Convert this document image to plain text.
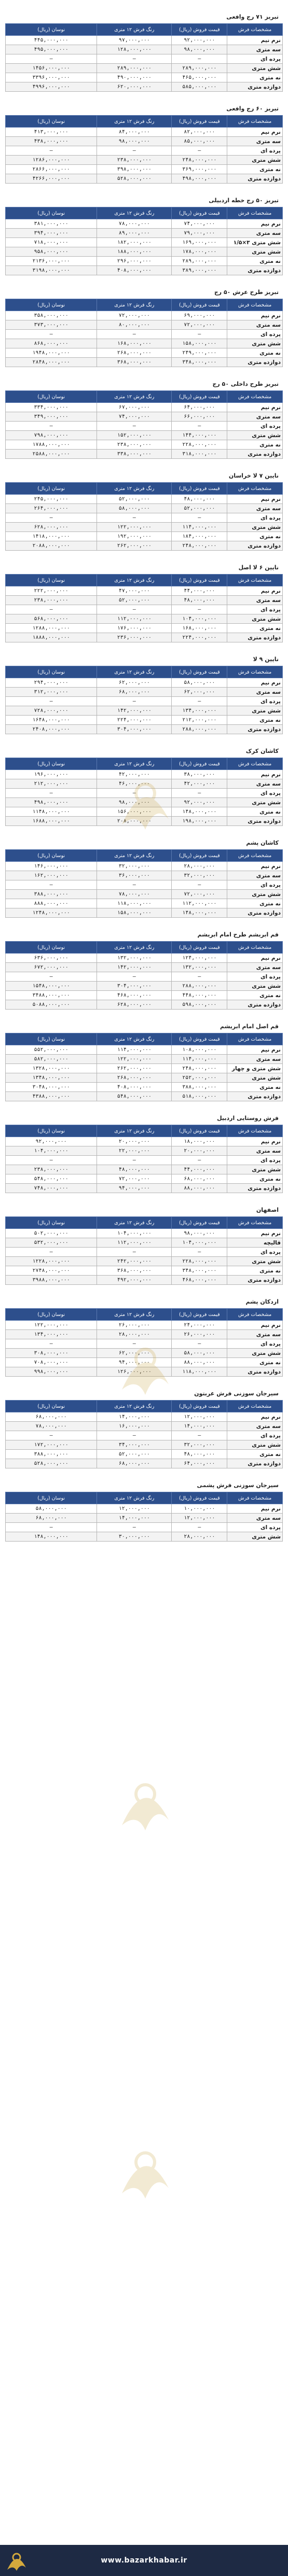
تبریز ۷۱ رج وافعی
مشخصات فرش	قیمت فروش (ریال)	رنگ فرش ۱۲ متری	نوسان (ریال)
نرم نیم	۹۲,۰۰۰,۰۰۰	۹۷,۰۰۰,۰۰۰	۴۴۵,۰۰۰,۰۰۰
سه متری	۹۸,۰۰۰,۰۰۰	۱۲۸,۰۰۰,۰۰۰	۴۹۵,۰۰۰,۰۰۰
پرده ای	—	—	—
شش متری	۲۸۹,۰۰۰,۰۰۰	۲۸۹,۰۰۰,۰۰۰	۱۴۵۶,۰۰۰,۰۰۰
نه متری	۴۶۵,۰۰۰,۰۰۰	۴۹۰,۰۰۰,۰۰۰	۳۳۹۶,۰۰۰,۰۰۰
دوازده متری	۵۸۵,۰۰۰,۰۰۰	۶۲۰,۰۰۰,۰۰۰	۴۹۹۶,۰۰۰,۰۰۰
تبریز ۶۰ رج وافعی
مشخصات فرش	قیمت فروش (ریال)	رنگ فرش ۱۲ متری	نوسان (ریال)
نرم نیم	۸۲,۰۰۰,۰۰۰	۸۴,۰۰۰,۰۰۰	۴۱۳,۰۰۰,۰۰۰
سه متری	۸۵,۰۰۰,۰۰۰	۹۸,۰۰۰,۰۰۰	۴۳۸,۰۰۰,۰۰۰
پرده ای	—	—	—
شش متری	۲۴۸,۰۰۰,۰۰۰	۲۳۸,۰۰۰,۰۰۰	۱۲۸۶,۰۰۰,۰۰۰
نه متری	۳۶۹,۰۰۰,۰۰۰	۳۹۸,۰۰۰,۰۰۰	۲۸۶۶,۰۰۰,۰۰۰
دوازده متری	۴۹۸,۰۰۰,۰۰۰	۵۲۸,۰۰۰,۰۰۰	۴۲۶۶,۰۰۰,۰۰۰
تبریز ۵۰ رج خطه اردبیلی
مشخصات فرش	قیمت فروش (ریال)	رنگ فرش ۱۲ متری	نوسان (ریال)
نرم نیم	۷۴,۰۰۰,۰۰۰	۷۸,۰۰۰,۰۰۰	۳۸۱,۰۰۰,۰۰۰
سه متری	۷۹,۰۰۰,۰۰۰	۸۹,۰۰۰,۰۰۰	۳۹۴,۰۰۰,۰۰۰
شش متری ۳×۱/۵	۱۶۹,۰۰۰,۰۰۰	۱۸۲,۰۰۰,۰۰۰	۷۱۸,۰۰۰,۰۰۰
شش متری	۱۷۸,۰۰۰,۰۰۰	۱۸۸,۰۰۰,۰۰۰	۹۵۸,۰۰۰,۰۰۰
نه متری	۲۸۹,۰۰۰,۰۰۰	۲۹۶,۰۰۰,۰۰۰	۲۱۳۶,۰۰۰,۰۰۰
دوازده متری	۳۸۹,۰۰۰,۰۰۰	۴۰۸,۰۰۰,۰۰۰	۳۱۹۸,۰۰۰,۰۰۰
تبریز طرح عرش ۵۰ رج
مشخصات فرش	قیمت فروش (ریال)	رنگ فرش ۱۲ متری	نوسان (ریال)
نرم نیم	۶۹,۰۰۰,۰۰۰	۷۲,۰۰۰,۰۰۰	۳۵۸,۰۰۰,۰۰۰
سه متری	۷۲,۰۰۰,۰۰۰	۸۰,۰۰۰,۰۰۰	۳۷۳,۰۰۰,۰۰۰
پرده ای	—	—	—
شش متری	۱۵۸,۰۰۰,۰۰۰	۱۶۸,۰۰۰,۰۰۰	۸۶۸,۰۰۰,۰۰۰
نه متری	۲۴۹,۰۰۰,۰۰۰	۲۶۸,۰۰۰,۰۰۰	۱۹۴۸,۰۰۰,۰۰۰
دوازده متری	۳۴۸,۰۰۰,۰۰۰	۳۶۸,۰۰۰,۰۰۰	۲۸۴۸,۰۰۰,۰۰۰
تبریز طرح داخلی ۵۰ رج
مشخصات فرش	قیمت فروش (ریال)	رنگ فرش ۱۲ متری	نوسان (ریال)
نرم نیم	۶۴,۰۰۰,۰۰۰	۶۷,۰۰۰,۰۰۰	۳۳۴,۰۰۰,۰۰۰
سه متری	۶۶,۰۰۰,۰۰۰	۷۴,۰۰۰,۰۰۰	۳۴۹,۰۰۰,۰۰۰
پرده ای	—	—	—
شش متری	۱۴۴,۰۰۰,۰۰۰	۱۵۲,۰۰۰,۰۰۰	۷۹۸,۰۰۰,۰۰۰
نه متری	۲۲۸,۰۰۰,۰۰۰	۲۳۸,۰۰۰,۰۰۰	۱۷۸۸,۰۰۰,۰۰۰
دوازده متری	۳۱۸,۰۰۰,۰۰۰	۳۳۸,۰۰۰,۰۰۰	۲۵۸۸,۰۰۰,۰۰۰
نایین ۷ لا خراسان
مشخصات فرش	قیمت فروش (ریال)	رنگ فرش ۱۲ متری	نوسان (ریال)
نرم نیم	۴۸,۰۰۰,۰۰۰	۵۲,۰۰۰,۰۰۰	۲۴۵,۰۰۰,۰۰۰
سه متری	۵۲,۰۰۰,۰۰۰	۵۸,۰۰۰,۰۰۰	۲۶۴,۰۰۰,۰۰۰
پرده ای	—	—	—
شش متری	۱۱۴,۰۰۰,۰۰۰	۱۲۲,۰۰۰,۰۰۰	۶۲۸,۰۰۰,۰۰۰
نه متری	۱۸۴,۰۰۰,۰۰۰	۱۹۲,۰۰۰,۰۰۰	۱۴۱۸,۰۰۰,۰۰۰
دوازده متری	۲۴۸,۰۰۰,۰۰۰	۲۶۲,۰۰۰,۰۰۰	۲۰۸۸,۰۰۰,۰۰۰
نایین ۶ لا اصل
مشخصات فرش	قیمت فروش (ریال)	رنگ فرش ۱۲ متری	نوسان (ریال)
نرم نیم	۴۴,۰۰۰,۰۰۰	۴۷,۰۰۰,۰۰۰	۲۲۲,۰۰۰,۰۰۰
سه متری	۴۸,۰۰۰,۰۰۰	۵۲,۰۰۰,۰۰۰	۲۳۸,۰۰۰,۰۰۰
پرده ای	—	—	—
شش متری	۱۰۴,۰۰۰,۰۰۰	۱۱۲,۰۰۰,۰۰۰	۵۶۸,۰۰۰,۰۰۰
نه متری	۱۶۸,۰۰۰,۰۰۰	۱۷۶,۰۰۰,۰۰۰	۱۲۸۸,۰۰۰,۰۰۰
دوازده متری	۲۲۴,۰۰۰,۰۰۰	۲۳۶,۰۰۰,۰۰۰	۱۸۸۸,۰۰۰,۰۰۰
نایین ۹ لا
مشخصات فرش	قیمت فروش (ریال)	رنگ فرش ۱۲ متری	نوسان (ریال)
نرم نیم	۵۸,۰۰۰,۰۰۰	۶۲,۰۰۰,۰۰۰	۲۹۴,۰۰۰,۰۰۰
سه متری	۶۲,۰۰۰,۰۰۰	۶۸,۰۰۰,۰۰۰	۳۱۲,۰۰۰,۰۰۰
پرده ای	—	—	—
شش متری	۱۳۴,۰۰۰,۰۰۰	۱۴۲,۰۰۰,۰۰۰	۷۲۸,۰۰۰,۰۰۰
نه متری	۲۱۲,۰۰۰,۰۰۰	۲۲۴,۰۰۰,۰۰۰	۱۶۴۸,۰۰۰,۰۰۰
دوازده متری	۲۸۸,۰۰۰,۰۰۰	۳۰۴,۰۰۰,۰۰۰	۲۴۰۸,۰۰۰,۰۰۰
کاشان کرک
مشخصات فرش	قیمت فروش (ریال)	رنگ فرش ۱۲ متری	نوسان (ریال)
نرم نیم	۳۸,۰۰۰,۰۰۰	۴۲,۰۰۰,۰۰۰	۱۹۶,۰۰۰,۰۰۰
سه متری	۴۲,۰۰۰,۰۰۰	۴۶,۰۰۰,۰۰۰	۲۱۲,۰۰۰,۰۰۰
پرده ای	—	—	—
شش متری	۹۲,۰۰۰,۰۰۰	۹۸,۰۰۰,۰۰۰	۴۹۸,۰۰۰,۰۰۰
نه متری	۱۴۸,۰۰۰,۰۰۰	۱۵۶,۰۰۰,۰۰۰	۱۱۴۸,۰۰۰,۰۰۰
دوازده متری	۱۹۸,۰۰۰,۰۰۰	۲۰۸,۰۰۰,۰۰۰	۱۶۸۸,۰۰۰,۰۰۰
کاشان پشم
مشخصات فرش	قیمت فروش (ریال)	رنگ فرش ۱۲ متری	نوسان (ریال)
نرم نیم	۲۸,۰۰۰,۰۰۰	۳۲,۰۰۰,۰۰۰	۱۴۶,۰۰۰,۰۰۰
سه متری	۳۲,۰۰۰,۰۰۰	۳۶,۰۰۰,۰۰۰	۱۶۲,۰۰۰,۰۰۰
پرده ای	—	—	—
شش متری	۷۲,۰۰۰,۰۰۰	۷۸,۰۰۰,۰۰۰	۳۸۸,۰۰۰,۰۰۰
نه متری	۱۱۲,۰۰۰,۰۰۰	۱۱۸,۰۰۰,۰۰۰	۸۸۸,۰۰۰,۰۰۰
دوازده متری	۱۴۸,۰۰۰,۰۰۰	۱۵۸,۰۰۰,۰۰۰	۱۲۴۸,۰۰۰,۰۰۰
قم ابریشم طرح امام ابریشم
مشخصات فرش	قیمت فروش (ریال)	رنگ فرش ۱۲ متری	نوسان (ریال)
نرم نیم	۱۲۴,۰۰۰,۰۰۰	۱۳۲,۰۰۰,۰۰۰	۶۳۶,۰۰۰,۰۰۰
سه متری	۱۳۲,۰۰۰,۰۰۰	۱۴۲,۰۰۰,۰۰۰	۶۷۲,۰۰۰,۰۰۰
پرده ای	—	—	—
شش متری	۲۸۸,۰۰۰,۰۰۰	۳۰۴,۰۰۰,۰۰۰	۱۵۴۸,۰۰۰,۰۰۰
نه متری	۴۴۸,۰۰۰,۰۰۰	۴۶۸,۰۰۰,۰۰۰	۳۴۸۸,۰۰۰,۰۰۰
دوازده متری	۵۹۸,۰۰۰,۰۰۰	۶۲۸,۰۰۰,۰۰۰	۵۰۸۸,۰۰۰,۰۰۰
قم اصل امام ابریشم
مشخصات فرش	قیمت فروش (ریال)	رنگ فرش ۱۲ متری	نوسان (ریال)
نرم نیم	۱۰۸,۰۰۰,۰۰۰	۱۱۴,۰۰۰,۰۰۰	۵۵۲,۰۰۰,۰۰۰
سه متری	۱۱۴,۰۰۰,۰۰۰	۱۲۲,۰۰۰,۰۰۰	۵۸۲,۰۰۰,۰۰۰
شش متری و چهار	۲۴۸,۰۰۰,۰۰۰	۲۶۲,۰۰۰,۰۰۰	۱۳۲۸,۰۰۰,۰۰۰
شش متری	۲۵۲,۰۰۰,۰۰۰	۲۶۸,۰۰۰,۰۰۰	۱۳۴۸,۰۰۰,۰۰۰
نه متری	۳۸۸,۰۰۰,۰۰۰	۴۰۸,۰۰۰,۰۰۰	۳۰۴۸,۰۰۰,۰۰۰
دوازده متری	۵۱۸,۰۰۰,۰۰۰	۵۴۸,۰۰۰,۰۰۰	۴۳۸۸,۰۰۰,۰۰۰
فرش روستایی اردبیل
مشخصات فرش	قیمت فروش (ریال)	رنگ فرش ۱۲ متری	نوسان (ریال)
نرم نیم	۱۸,۰۰۰,۰۰۰	۲۰,۰۰۰,۰۰۰	۹۲,۰۰۰,۰۰۰
سه متری	۲۰,۰۰۰,۰۰۰	۲۲,۰۰۰,۰۰۰	۱۰۴,۰۰۰,۰۰۰
پرده ای	—	—	—
شش متری	۴۴,۰۰۰,۰۰۰	۴۸,۰۰۰,۰۰۰	۲۳۸,۰۰۰,۰۰۰
نه متری	۶۸,۰۰۰,۰۰۰	۷۲,۰۰۰,۰۰۰	۵۴۸,۰۰۰,۰۰۰
دوازده متری	۸۸,۰۰۰,۰۰۰	۹۴,۰۰۰,۰۰۰	۷۴۸,۰۰۰,۰۰۰
اصفهان
مشخصات فرش	قیمت فروش (ریال)	رنگ فرش ۱۲ متری	نوسان (ریال)
نرم نیم	۹۸,۰۰۰,۰۰۰	۱۰۴,۰۰۰,۰۰۰	۵۰۲,۰۰۰,۰۰۰
قالیچه	۱۰۴,۰۰۰,۰۰۰	۱۱۲,۰۰۰,۰۰۰	۵۳۲,۰۰۰,۰۰۰
پرده ای	—	—	—
شش متری	۲۲۸,۰۰۰,۰۰۰	۲۴۲,۰۰۰,۰۰۰	۱۲۲۸,۰۰۰,۰۰۰
نه متری	۳۴۸,۰۰۰,۰۰۰	۳۶۸,۰۰۰,۰۰۰	۲۷۴۸,۰۰۰,۰۰۰
دوازده متری	۴۶۸,۰۰۰,۰۰۰	۴۹۲,۰۰۰,۰۰۰	۳۹۸۸,۰۰۰,۰۰۰
اردکان پشم
مشخصات فرش	قیمت فروش (ریال)	رنگ فرش ۱۲ متری	نوسان (ریال)
نرم نیم	۲۴,۰۰۰,۰۰۰	۲۶,۰۰۰,۰۰۰	۱۲۲,۰۰۰,۰۰۰
سه متری	۲۶,۰۰۰,۰۰۰	۲۸,۰۰۰,۰۰۰	۱۳۴,۰۰۰,۰۰۰
پرده ای	—	—	—
شش متری	۵۸,۰۰۰,۰۰۰	۶۲,۰۰۰,۰۰۰	۳۰۸,۰۰۰,۰۰۰
نه متری	۸۸,۰۰۰,۰۰۰	۹۴,۰۰۰,۰۰۰	۷۰۸,۰۰۰,۰۰۰
دوازده متری	۱۱۸,۰۰۰,۰۰۰	۱۲۶,۰۰۰,۰۰۰	۹۹۸,۰۰۰,۰۰۰
سیرجان سوزنی فرش عربتون
مشخصات فرش	قیمت فروش (ریال)	رنگ فرش ۱۲ متری	نوسان (ریال)
نرم نیم	۱۲,۰۰۰,۰۰۰	۱۴,۰۰۰,۰۰۰	۶۸,۰۰۰,۰۰۰
سه متری	۱۴,۰۰۰,۰۰۰	۱۶,۰۰۰,۰۰۰	۷۸,۰۰۰,۰۰۰
پرده ای	—	—	—
شش متری	۳۲,۰۰۰,۰۰۰	۳۴,۰۰۰,۰۰۰	۱۷۲,۰۰۰,۰۰۰
نه متری	۴۸,۰۰۰,۰۰۰	۵۲,۰۰۰,۰۰۰	۳۸۸,۰۰۰,۰۰۰
دوازده متری	۶۴,۰۰۰,۰۰۰	۶۸,۰۰۰,۰۰۰	۵۲۸,۰۰۰,۰۰۰
سیرجان سوزنی فرش پشمی
مشخصات فرش	قیمت فروش (ریال)	رنگ فرش ۱۲ متری	نوسان (ریال)
نرم نیم	۱۰,۰۰۰,۰۰۰	۱۲,۰۰۰,۰۰۰	۵۸,۰۰۰,۰۰۰
سه متری	۱۲,۰۰۰,۰۰۰	۱۴,۰۰۰,۰۰۰	۶۸,۰۰۰,۰۰۰
پرده ای	—	—	—
شش متری	۲۸,۰۰۰,۰۰۰	۳۰,۰۰۰,۰۰۰	۱۴۸,۰۰۰,۰۰۰
www.bazarkhabar.ir
